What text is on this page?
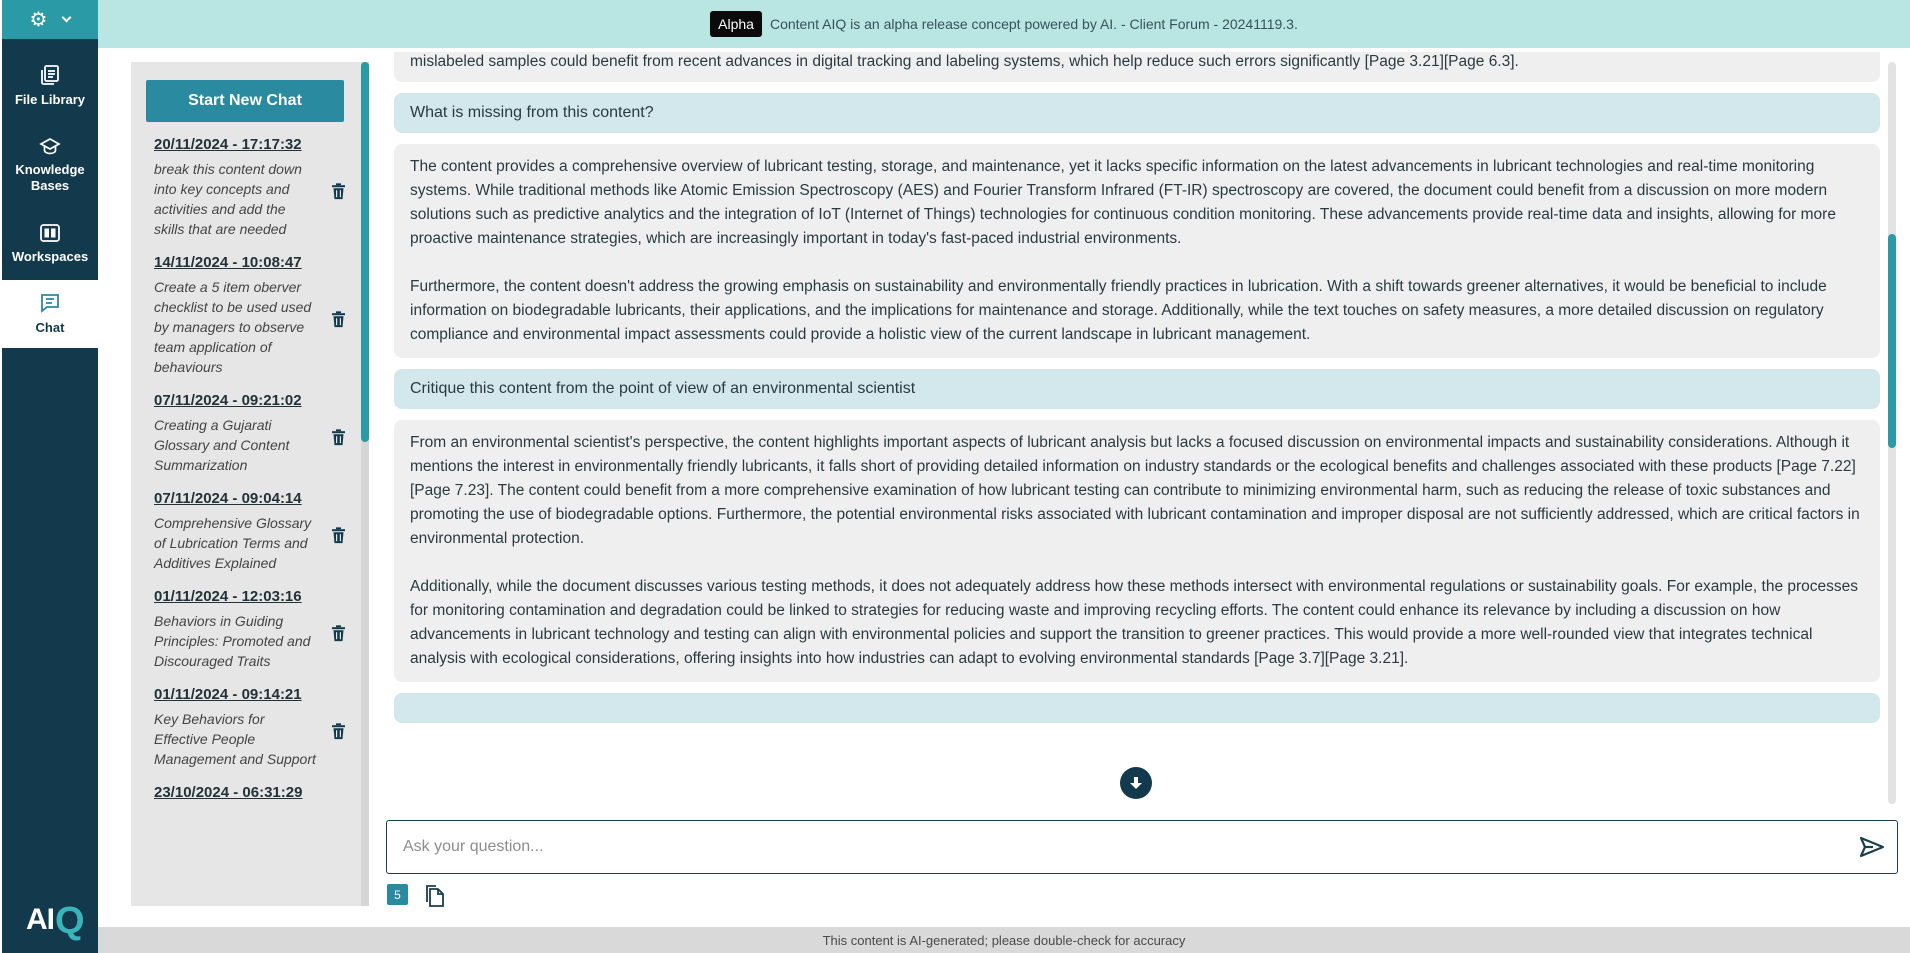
⚙
File Library
Knowledge Bases
Workspaces
Chat
AI Q
Alpha	Content AIQ is an alpha release concept powered by AI. - Client Forum - 20241119.3.
Start New Chat
20/11/2024 - 17:17:32
break this content down into key concepts and activities and add the skills that are needed
14/11/2024 - 10:08:47
Create a 5 item oberver checklist to be used used by managers to observe team application of behaviours
07/11/2024 - 09:21:02
Creating a Gujarati Glossary and Content Summarization
07/11/2024 - 09:04:14
Comprehensive Glossary of Lubrication Terms and Additives Explained
01/11/2024 - 12:03:16
Behaviors in Guiding Principles: Promoted and Discouraged Traits
01/11/2024 - 09:14:21
Key Behaviors for Effective People Management and Support
23/10/2024 - 06:31:29

mislabeled samples could benefit from recent advances in digital tracking and labeling systems, which help reduce such errors significantly [Page 3.21][Page 6.3].

What is missing from this content?

The content provides a comprehensive overview of lubricant testing, storage, and maintenance, yet it lacks specific information on the latest advancements in lubricant technologies and real-time monitoring systems. While traditional methods like Atomic Emission Spectroscopy (AES) and Fourier Transform Infrared (FT-IR) spectroscopy are covered, the document could benefit from a discussion on more modern solutions such as predictive analytics and the integration of IoT (Internet of Things) technologies for continuous condition monitoring. These advancements provide real-time data and insights, allowing for more proactive maintenance strategies, which are increasingly important in today's fast-paced industrial environments.

Furthermore, the content doesn't address the growing emphasis on sustainability and environmentally friendly practices in lubrication. With a shift towards greener alternatives, it would be beneficial to include information on biodegradable lubricants, their applications, and the implications for maintenance and storage. Additionally, while the text touches on safety measures, a more detailed discussion on regulatory compliance and environmental impact assessments could provide a holistic view of the current landscape in lubricant management.

Critique this content from the point of view of an environmental scientist

From an environmental scientist's perspective, the content highlights important aspects of lubricant analysis but lacks a focused discussion on environmental impacts and sustainability considerations. Although it mentions the interest in environmentally friendly lubricants, it falls short of providing detailed information on industry standards or the ecological benefits and challenges associated with these products [Page 7.22][Page 7.23]. The content could benefit from a more comprehensive examination of how lubricant testing can contribute to minimizing environmental harm, such as reducing the release of toxic substances and promoting the use of biodegradable options. Furthermore, the potential environmental risks associated with lubricant contamination and improper disposal are not sufficiently addressed, which are critical factors in environmental protection.

Additionally, while the document discusses various testing methods, it does not adequately address how these methods intersect with environmental regulations or sustainability goals. For example, the processes for monitoring contamination and degradation could be linked to strategies for reducing waste and improving recycling efforts. The content could enhance its relevance by including a discussion on how advancements in lubricant technology and testing can align with environmental policies and support the transition to greener practices. This would provide a more well-rounded view that integrates technical analysis with ecological considerations, offering insights into how industries can adapt to evolving environmental standards [Page 3.7][Page 3.21].

Ask your question...
5
This content is AI-generated; please double-check for accuracy
